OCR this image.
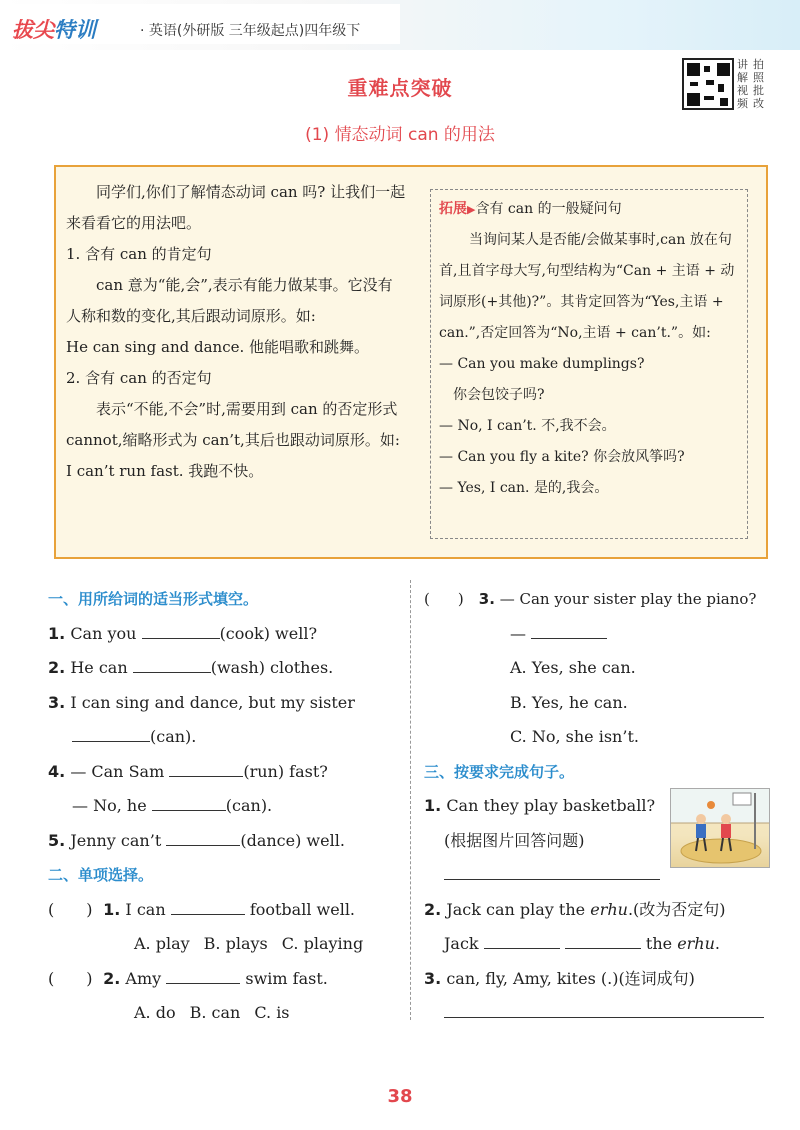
拔尖特训	· 英语(外研版 三年级起点)四年级下
重难点突破
(1) 情态动词 can 的用法
讲 拍
解 照
视 批
频 改

同学们,你们了解情态动词 can 吗? 让我们一起来看看它的用法吧。

1. 含有 can 的肯定句

can 意为“能,会”,表示有能力做某事。它没有人称和数的变化,其后跟动词原形。如:

He can sing and dance. 他能唱歌和跳舞。

2. 含有 can 的否定句

表示“不能,不会”时,需要用到 can 的否定形式 cannot,缩略形式为 can’t,其后也跟动词原形。如:

I can’t run fast. 我跑不快。

拓展▶含有 can 的一般疑问句
当询问某人是否能/会做某事时,can 放在句首,且首字母大写,句型结构为“Can + 主语 + 动词原形(+其他)?”。其肯定回答为“Yes,主语 + can.”,否定回答为“No,主语 + can’t.”。如:
— Can you make dumplings?
你会包饺子吗?
— No, I can’t. 不,我不会。
— Can you fly a kite? 你会放风筝吗?
— Yes, I can. 是的,我会。
一、用所给词的适当形式填空。
1. Can you	(cook) well?
2. He can	(wash) clothes.
3. I can sing and dance, but my sister
(can).
4. — Can Sam	(run) fast?
— No, he	(can).
5. Jenny can’t	(dance) well.
二、单项选择。
( ) 1. I can	football well.
A. play B. plays C. playing
( ) 2. Amy	swim fast.
A. do B. can C. is
( ) 3. — Can your sister play the piano?
—
A. Yes, she can.
B. Yes, he can.
C. No, she isn’t.
三、按要求完成句子。
1. Can they play basketball?
(根据图片回答问题)
2. Jack can play the erhu.(改为否定句)
Jack	the erhu.
3. can, fly, Amy, kites (.)(连词成句)
38
